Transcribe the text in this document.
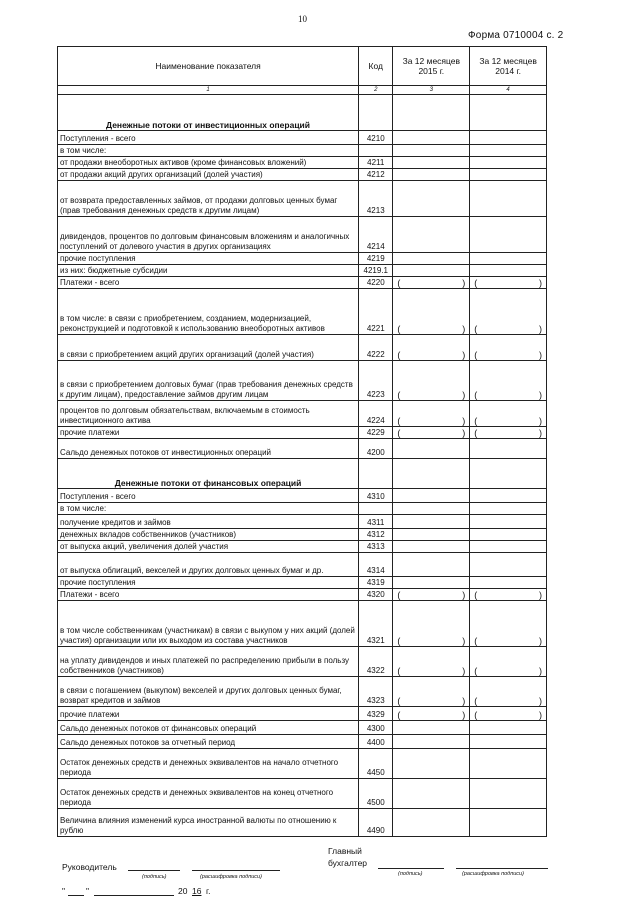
10
Форма 0710004 с. 2
Наименование показателя	Код	За 12 месяцев 2015 г.	За 12 месяцев 2014 г.
1	2	3	4
Денежные потоки от инвестиционных операций			
Поступления - всего	4210		
в том числе:			
от продажи внеоборотных активов (кроме финансовых вложений)	4211		
от продажи акций других организаций (долей участия)	4212		
от возврата предоставленных займов, от продажи долговых ценных бумаг (прав требования денежных средств к другим лицам)	4213		
дивидендов, процентов по долговым финансовым вложениям и аналогичных поступлений от долевого участия в других организациях	4214		
прочие поступления	4219		
из них: бюджетные субсидии	4219.1		
Платежи - всего	4220	( )	( )

в том числе: в связи с приобретением, созданием, модернизацией, реконструкцией и подготовкой к использованию внеоборотных активов	4221	( )	( )

в связи с приобретением акций других организаций (долей участия)	4222	( )	( )

в связи с приобретением долговых бумаг (прав требования денежных средств к другим лицам), предоставление займов другим лицам	4223	( )	( )

процентов по долговым обязательствам, включаемым в стоимость инвестиционного актива	4224	( )	( )

прочие платежи	4229	( )	( )

Сальдо денежных потоков от инвестиционных операций	4200		
Денежные потоки от финансовых операций			
Поступления - всего	4310		
в том числе:			
получение кредитов и займов	4311		
денежных вкладов собственников (участников)	4312		
от выпуска акций, увеличения долей участия	4313		
от выпуска облигаций, векселей и других долговых ценных бумаг и др.	4314		
прочие поступления	4319		
Платежи - всего	4320	( )	( )

в том числе собственникам (участникам) в связи с выкупом у них акций (долей участия) организации или их выходом из состава участников	4321	( )	( )

на уплату дивидендов и иных платежей по распределению прибыли в пользу собственников (участников)	4322	( )	( )

в связи с погашением (выкупом) векселей и других долговых ценных бумаг, возврат кредитов и займов	4323	( )	( )

прочие платежи	4329	( )	( )

Сальдо денежных потоков от финансовых операций	4300		
Сальдо денежных потоков за отчетный период	4400		
Остаток денежных средств и денежных эквивалентов на начало отчетного периода	4450		
Остаток денежных средств и денежных эквивалентов на конец отчетного периода	4500		
Величина влияния изменений курса иностранной валюты по отношению к рублю	4490		
Руководитель
(подпись)	(расшифровка подписи)
Главный
бухгалтер
(подпись)	(расшифровка подписи)
" "	20 16 г.
